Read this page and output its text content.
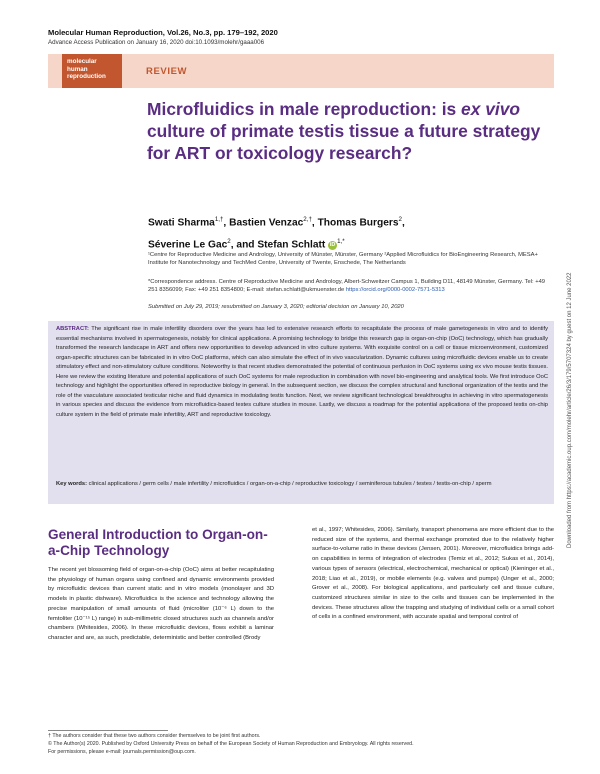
Molecular Human Reproduction, Vol.26, No.3, pp. 179–192, 2020
Advance Access Publication on January 16, 2020 doi:10.1093/molehr/gaaa006
molecular
human
reproduction	REVIEW
Microfluidics in male reproduction: is ex vivo culture of primate testis tissue a future strategy for ART or toxicology research?
Swati Sharma$^{1,\dagger}$, Bastien Venzac$^{2,\dagger}$, Thomas Burgers$^2$,
Séverine Le Gac$^2$, and Stefan Schlatt iD $^{1,*}$
¹Centre for Reproductive Medicine and Andrology, University of Münster, Münster, Germany ²Applied Microfluidics for BioEngineering Research, MESA+ Institute for Nanotechnology and TechMed Centre, University of Twente, Enschede, The Netherlands
*Correspondence address. Centre of Reproductive Medicine and Andrology, Albert-Schweitzer Campus 1, Building D11, 48149 Münster, Germany. Tel: +49 251 8356099; Fax: +49 251 8354800; E-mail: stefan.schlatt@ukmuenster.de https://orcid.org/0000-0002-7571-5313
Submitted on July 29, 2019; resubmitted on January 3, 2020; editorial decision on January 10, 2020
ABSTRACT: The significant rise in male infertility disorders over the years has led to extensive research efforts to recapitulate the process of male gametogenesis in vitro and to identify essential mechanisms involved in spermatogenesis, notably for clinical applications. A promising technology to bridge this research gap is organ-on-chip (OoC) technology, which has gradually transformed the research landscape in ART and offers new opportunities to develop advanced in vitro culture systems. With exquisite control on a cell or tissue microenvironment, customized organ-specific structures can be fabricated in in vitro OoC platforms, which can also simulate the effect of in vivo vascularization. Dynamic cultures using microfluidic devices enable us to create stimulatory effect and non-stimulatory culture conditions. Noteworthy is that recent studies demonstrated the potential of continuous perfusion in OoC systems using ex vivo mouse testis tissues. Here we review the existing literature and potential applications of such OoC systems for male reproduction in combination with novel bio-engineering and analytical tools. We first introduce OoC technology and highlight the opportunities offered in reproductive biology in general. In the subsequent section, we discuss the complex structural and functional organization of the testis and the role of the vasculature associated testicular niche and fluid dynamics in modulating testis function. Next, we review significant technological breakthroughs in achieving in vitro spermatogenesis in various species and discuss the evidence from microfluidics-based testes culture studies in mouse. Lastly, we discuss a roadmap for the potential applications of the proposed testis on-chip culture system in the field of primate male infertility, ART and reproductive toxicology.
Key words: clinical applications / germ cells / male infertility / microfluidics / organ-on-a-chip / reproductive toxicology / seminiferous tubules / testes / testis-on-chip / sperm
General Introduction to Organ-on-a-Chip Technology
The recent yet blossoming field of organ-on-a-chip (OoC) aims at better recapitulating the physiology of human organs using confined and dynamic environments provided by microfluidic devices than current static and in vitro models (monolayer and 3D models in plastic dishware). Microfluidics is the science and technology allowing the precise manipulation of small amounts of fluid (microliter (10⁻⁶ L) down to the femtoliter (10⁻¹⁵ L) range) in sub-millimetric closed structures such as channels and/or chambers (Whitesides, 2006). In these microfluidic devices, flows exhibit a laminar character and are, as such, predictable, deterministic and better controlled (Brody
et al., 1997; Whitesides, 2006). Similarly, transport phenomena are more efficient due to the reduced size of the systems, and thermal exchange promoted due to the relatively higher surface-to-volume ratio in these devices (Jensen, 2001). Moreover, microfluidics brings add-on capabilities in terms of integration of electrodes (Temiz et al., 2012; Sukas et al., 2014), various types of sensors (electrical, electrochemical, mechanical or optical) (Kieninger et al., 2018; Liao et al., 2019), or mobile elements (e.g. valves and pumps) (Unger et al., 2000; Grover et al., 2008). For biological applications, and particularly cell and tissue culture, customized structures similar in size to the cells and tissues can be implemented in the devices. These structures allow the trapping and studying of individual cells or a small cohort of cells in a confined environment, with accurate spatial and temporal control of
† The authors consider that these two authors consider themselves to be joint first authors.
© The Author(s) 2020. Published by Oxford University Press on behalf of the European Society of Human Reproduction and Embryology. All rights reserved.
For permissions, please e-mail: journals.permission@oup.com.
Downloaded from https://academic.oup.com/molehr/article/26/3/179/5707324 by guest on 12 June 2022
